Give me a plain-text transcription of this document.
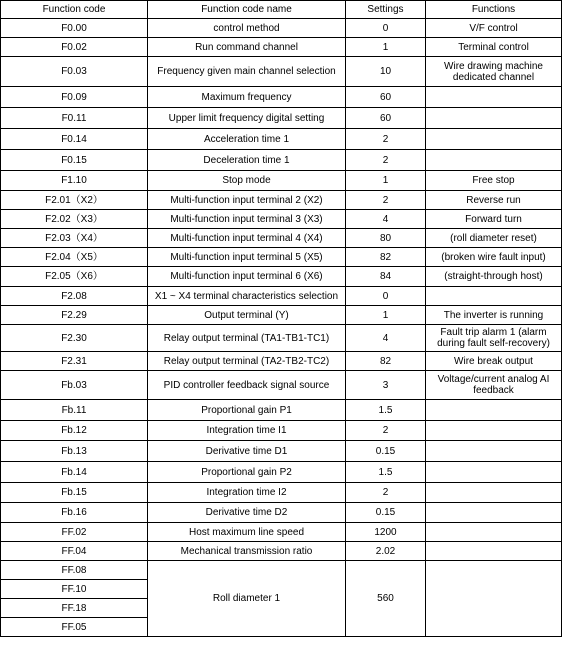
Function code	Function code name	Settings	Functions
F0.00	control method	0	V/F control
F0.02	Run command channel	1	Terminal control
F0.03	Frequency given main channel selection	10	Wire drawing machine dedicated channel
F0.09	Maximum frequency	60	
F0.11	Upper limit frequency digital setting	60	
F0.14	Acceleration time 1	2	
F0.15	Deceleration time 1	2	
F1.10	Stop mode	1	Free stop
F2.01（X2）	Multi-function input terminal 2 (X2)	2	Reverse run
F2.02（X3）	Multi-function input terminal 3 (X3)	4	Forward turn
F2.03（X4）	Multi-function input terminal 4 (X4)	80	(roll diameter reset)
F2.04（X5）	Multi-function input terminal 5 (X5)	82	(broken wire fault input)
F2.05（X6）	Multi-function input terminal 6 (X6)	84	(straight-through host)
F2.08	X1 ~ X4 terminal characteristics selection	0	
F2.29	Output terminal (Y)	1	The inverter is running
F2.30	Relay output terminal (TA1-TB1-TC1)	4	Fault trip alarm 1 (alarm during fault self-recovery)
F2.31	Relay output terminal (TA2-TB2-TC2)	82	Wire break output
Fb.03	PID controller feedback signal source	3	Voltage/current analog AI feedback
Fb.11	Proportional gain P1	1.5	
Fb.12	Integration time I1	2	
Fb.13	Derivative time D1	0.15	
Fb.14	Proportional gain P2	1.5	
Fb.15	Integration time I2	2	
Fb.16	Derivative time D2	0.15	
FF.02	Host maximum line speed	1200	
FF.04	Mechanical transmission ratio	2.02	
FF.08	Roll diameter 1	560	
FF.10			
FF.18			
FF.05			
